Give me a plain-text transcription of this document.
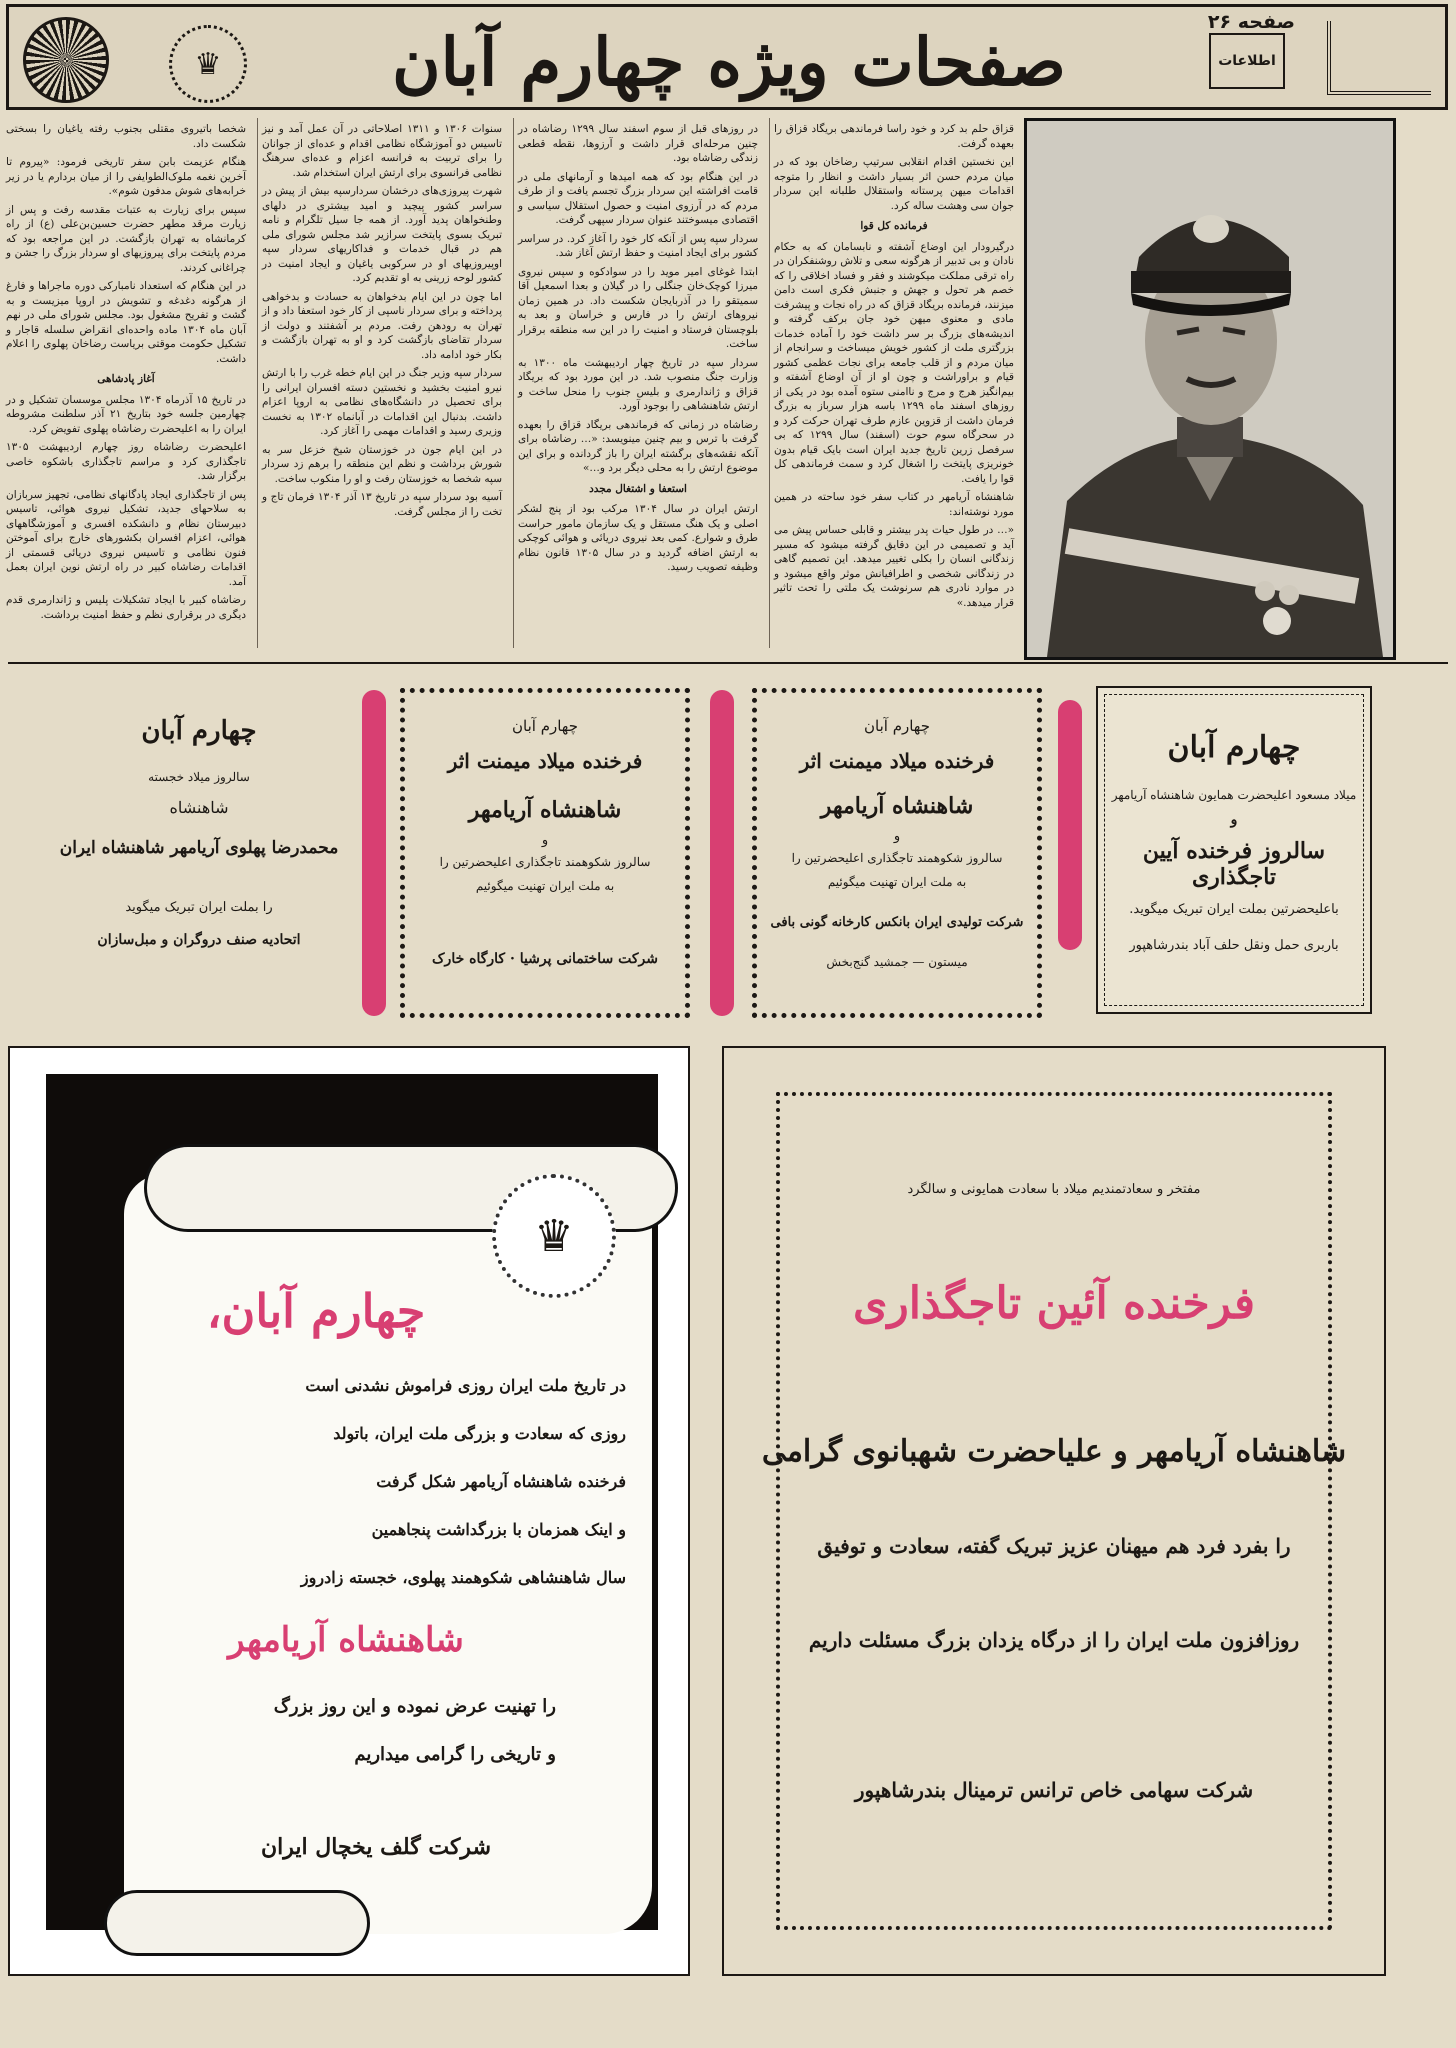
♛	صفحات ویژه چهارم آبان	اطلاعات
صفحه ۲۶

قزاق حلم بد کرد و خود راسا فرماندهی بریگاد قزاق را بعهده گرفت.

این نخستین اقدام انقلابی سرتیپ رضاخان بود که در میان مردم حسن اثر بسیار داشت و انظار را متوجه اقدامات میهن پرستانه واستقلال طلبانه این سردار جوان سی وهشت ساله کرد.

فرمانده کل قوا

درگیرودار این اوضاع آشفته و نابسامان که به حکام نادان و بی تدبیر از هرگونه سعی و تلاش روشنفکران در راه ترقی مملکت میکوشند و فقر و فساد اخلاقی را که خصم هر تحول و جهش و جنبش فکری است دامن میزنند، فرمانده بریگاد قزاق که در راه نجات و پیشرفت مادی و معنوی میهن خود جان برکف گرفته و اندیشه‌های بزرگ بر سر داشت خود را آماده خدمات بزرگتری ملت از کشور خویش میساخت و سرانجام از میان مردم و از قلب جامعه برای نجات عظمی کشور قیام و براوراشت و چون او از آن اوضاع آشفته و بیم‌انگیز هرج و مرج و ناامنی ستوه آمده بود در یکی از روزهای اسفند ماه ۱۲۹۹ باسه هزار سرباز به بزرگ فرمان داشت از قزوین عازم طرف تهران حرکت کرد و در سحرگاه سوم حوت (اسفند) سال ۱۲۹۹ که بی سرفصل زرین تاریخ جدید ایران است بایک قیام بدون خونریزی پایتخت را اشغال کرد و سمت فرماندهی کل قوا را یافت.

شاهنشاه آریامهر در کتاب سفر خود ساحته در همین مورد نوشته‌اند:

«… در طول حیات پدر بیشتر و قابلی حساس پیش می آید و تصمیمی در این دقایق گرفته میشود که مسیر زندگانی انسان را بکلی تغییر میدهد. این تصمیم گاهی در زندگانی شخصی و اطرافیانش موثر واقع میشود و در موارد نادری هم سرنوشت یک ملتی را تحت تاثیر قرار میدهد.»

در روزهای قبل از سوم اسفند سال ۱۲۹۹ رضاشاه در چنین مرحله‌ای قرار داشت و آرزوها، نقطه قطعی زندگی رضاشاه بود.

در این هنگام بود که همه امیدها و آرمانهای ملی در قامت افراشته این سردار بزرگ تجسم یافت و از طرف مردم که در آرزوی امنیت و حصول استقلال سیاسی و اقتصادی میسوختند عنوان سردار سپهی گرفت.

سردار سپه پس از آنکه کار خود را آغاز کرد. در سراسر کشور برای ایجاد امنیت و حفظ ارتش آغاز شد.

ابتدا غوغای امیر موید را در سوادکوه و سپس نیروی میرزا کوچک‌خان جنگلی را در گیلان و بعدا اسمعیل آقا سمیتقو را در آذربایجان شکست داد. در همین زمان نیروهای ارتش را در فارس و خراسان و بعد به بلوچستان فرستاد و امنیت را در این سه منطقه برقرار ساخت.

سردار سپه در تاریخ چهار اردیبهشت ماه ۱۳۰۰ به وزارت جنگ منصوب شد. در این مورد بود که بریگاد قزاق و ژاندارمری و بلیس جنوب را منحل ساخت و ارتش شاهنشاهی را بوجود آورد.

رضاشاه در زمانی که فرماندهی بریگاد قزاق را بعهده گرفت با ترس و بیم چنین مینویسد: «… رضاشاه برای آنکه نقشه‌های برگشته ایران را باز گردانده و برای این موضوع ارتش را به محلی دیگر برد و…»

استعفا و اشتغال مجدد

ارتش ایران در سال ۱۳۰۴ مرکب بود از پنج لشکر اصلی و یک هنگ مستقل و یک سازمان مامور حراست طرق و شوارع. کمی بعد نیروی دریائی و هوائی کوچکی به ارتش اضافه گردید و در سال ۱۳۰۵ قانون نظام وظیفه تصویب رسید.

سنوات ۱۳۰۶ و ۱۳۱۱ اصلاحاتی در آن عمل آمد و نیز تاسیس دو آموزشگاه نظامی اقدام و عده‌ای از جوانان را برای تربیت به فرانسه اعزام و عده‌ای سرهنگ نظامی فرانسوی برای ارتش ایران استخدام شد.

شهرت پیروزی‌های درخشان سردارسپه بیش از پیش در سراسر کشور پیچید و امید بیشتری در دلهای وطنخواهان پدید آورد. از همه جا سیل تلگرام و نامه تبریک بسوی پایتخت سرازیر شد مجلس شورای ملی هم در قبال خدمات و فداکاریهای سردار سپه اوپیروزیهای او در سرکوبی یاغیان و ایجاد امنیت در کشور لوحه زرینی به او تقدیم کرد.

اما چون در این ایام بدخواهان به حسادت و بدخواهی پرداخته و برای سردار ناسپی از کار خود استعفا داد و از تهران به رودهن رفت. مردم بر آشفتند و دولت از سردار تقاضای بازگشت کرد و او به تهران بازگشت و بکار خود ادامه داد.

سردار سپه وزیر جنگ در این ایام خطه غرب را با ارتش نیرو امنیت بخشید و نخستین دسته افسران ایرانی را برای تحصیل در دانشگاه‌های نظامی به اروپا اعزام داشت. بدنبال این اقدامات در آبانماه ۱۳۰۲ به نخست وزیری رسید و اقدامات مهمی را آغاز کرد.

در این ایام جون در خوزستان شیخ خزعل سر به شورش برداشت و نظم این منطقه را برهم زد سردار سپه شخصا به خوزستان رفت و او را منکوب ساخت.

آسیه بود سردار سپه در تاریخ ۱۳ آذر ۱۳۰۴ فرمان تاج و تخت را از مجلس گرفت.

شخصا باتیروی مقتلی بجنوب رفته یاغیان را بسختی شکست داد.

هنگام عزیمت بابن سفر تاریخی فرمود: «پیروم تا آخرین نغمه ملوک‌الطوایفی را از میان بردارم یا در زیر خرابه‌های شوش مدفون شوم».

سپس برای زیارت به عتبات مقدسه رفت و پس از زیارت مرقد مطهر حضرت حسین‌بن‌علی (ع) از راه کرمانشاه به تهران بازگشت. در این مراجعه بود که مردم پایتخت برای پیروزیهای او سردار بزرگ را جشن و چراغانی کردند.

در این هنگام که استعداد نامبارکی دوره ماجراها و فارغ از هرگونه دغدغه و تشویش در اروپا میزیست و به گشت و تفریح مشغول بود. مجلس شورای ملی در نهم آبان ماه ۱۳۰۴ ماده واحده‌ای انقراض سلسله قاجار و تشکیل حکومت موقتی بریاست رضاخان پهلوی را اعلام داشت.

آغاز پادشاهی

در تاریخ ۱۵ آذرماه ۱۳۰۴ مجلس موسسان تشکیل و در چهارمین جلسه خود بتاریخ ۲۱ آذر سلطنت مشروطه ایران را به اعلیحضرت رضاشاه پهلوی تفویض کرد.

اعلیحضرت رضاشاه روز چهارم اردیبهشت ۱۳۰۵ تاجگذاری کرد و مراسم تاجگذاری باشکوه خاصی برگزار شد.

پس از تاجگذاری ایجاد پادگانهای نظامی، تجهیز سربازان به سلاحهای جدید، تشکیل نیروی هوائی، تاسیس دبیرستان نظام و دانشکده افسری و آموزشگاههای هوائی، اعزام افسران بکشورهای خارج برای آموختن فنون نظامی و تاسیس نیروی دریائی قسمتی از اقدامات رضاشاه کبیر در راه ارتش نوین ایران بعمل آمد.

رضاشاه کبیر با ایجاد تشکیلات پلیس و ژاندارمری قدم دیگری در برقراری نظم و حفظ امنیت برداشت.

چهارم آبان
میلاد مسعود اعلیحضرت همایون شاهنشاه آریامهر
و
سالروز فرخنده آیین تاجگذاری
باعلیحضرتین بملت ایران تبریک میگوید.
باربری حمل ونقل حلف آباد بندرشاهپور
چهارم آبان
فرخنده میلاد میمنت اثر
شاهنشاه آریامهر
و
سالروز شکوهمند تاجگذاری اعلیحضرتین را
به ملت ایران تهنیت میگوئیم
شرکت تولیدی ایران بانکس کارخانه گونی بافی
میستون — جمشید گنج‌بخش
چهارم آبان
فرخنده میلاد میمنت اثر
شاهنشاه آریامهر
و
سالروز شکوهمند تاجگذاری اعلیحضرتین را
به ملت ایران تهنیت میگوئیم
شرکت ساختمانی پرشیا · کارگاه خارک
چهارم آبان
سالروز میلاد خجسته
شاهنشاه
محمدرضا پهلوی آریامهر شاهنشاه ایران
را بملت ایران تبریک میگوید
اتحادیه صنف دروگران و مبل‌سازان
مفتخر و سعادتمندیم میلاد با سعادت همایونی و سالگرد
فرخنده آئین تاجگذاری
شاهنشاه آریامهر و علیاحضرت شهبانوی گرامی
را بفرد فرد هم میهنان عزیز تبریک گفته، سعادت و توفیق
روزافزون ملت ایران را از درگاه یزدان بزرگ مسئلت داریم
شرکت سهامی خاص ترانس ترمینال بندرشاهپور
♛
چهارم آبان،
در تاریخ ملت ایران روزی فراموش نشدنی است
روزی که سعادت و بزرگی ملت ایران، باتولد
فرخنده شاهنشاه آریامهر شکل گرفت
و اینک همزمان با بزرگداشت پنجاهمین
سال شاهنشاهی شکوهمند پهلوی، خجسته زادروز
شاهنشاه آریامهر
را تهنیت عرض نموده و این روز بزرگ
و تاریخی را گرامی میداریم
شرکت گلف یخچال ایران
